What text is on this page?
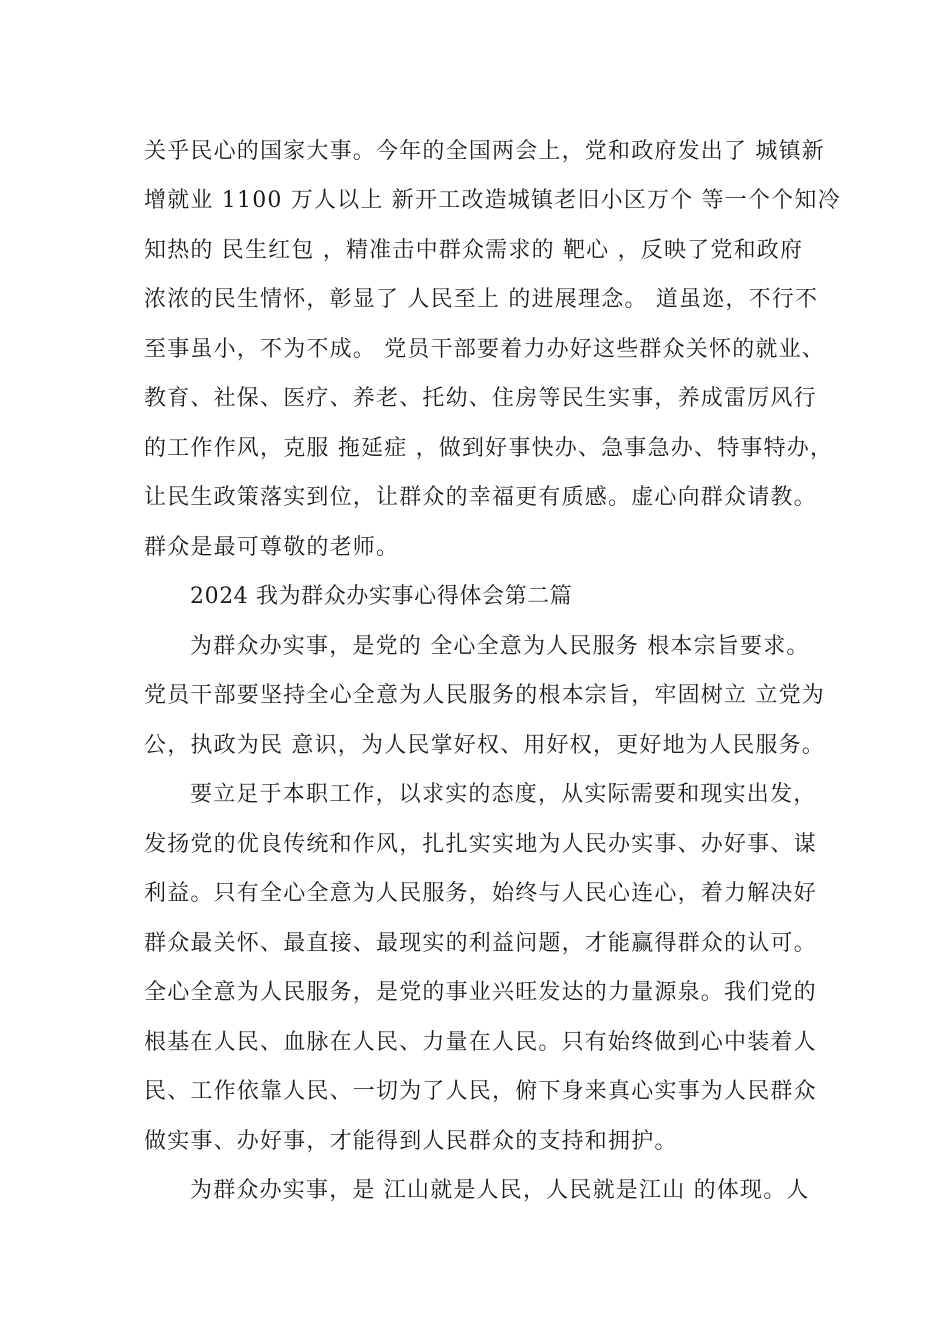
关乎民心的国家大事。今年的全国两会上，党和政府发出了 城镇新
增就业 1100 万人以上 新开工改造城镇老旧小区万个 等一个个知冷
知热的 民生红包 ，精准击中群众需求的 靶心 ，反映了党和政府
浓浓的民生情怀，彰显了 人民至上 的进展理念。 道虽迩，不行不
至事虽小，不为不成。 党员干部要着力办好这些群众关怀的就业、
教育、社保、医疗、养老、托幼、住房等民生实事，养成雷厉风行
的工作作风，克服 拖延症 ，做到好事快办、急事急办、特事特办，
让民生政策落实到位，让群众的幸福更有质感。虚心向群众请教。
群众是最可尊敬的老师。
2024 我为群众办实事心得体会第二篇
为群众办实事，是党的 全心全意为人民服务 根本宗旨要求。
党员干部要坚持全心全意为人民服务的根本宗旨，牢固树立 立党为
公，执政为民 意识，为人民掌好权、用好权，更好地为人民服务。
要立足于本职工作，以求实的态度，从实际需要和现实出发，
发扬党的优良传统和作风，扎扎实实地为人民办实事、办好事、谋
利益。只有全心全意为人民服务，始终与人民心连心，着力解决好
群众最关怀、最直接、最现实的利益问题，才能赢得群众的认可。
全心全意为人民服务，是党的事业兴旺发达的力量源泉。我们党的
根基在人民、血脉在人民、力量在人民。只有始终做到心中装着人
民、工作依靠人民、一切为了人民，俯下身来真心实事为人民群众
做实事、办好事，才能得到人民群众的支持和拥护。
为群众办实事，是 江山就是人民，人民就是江山 的体现。人
